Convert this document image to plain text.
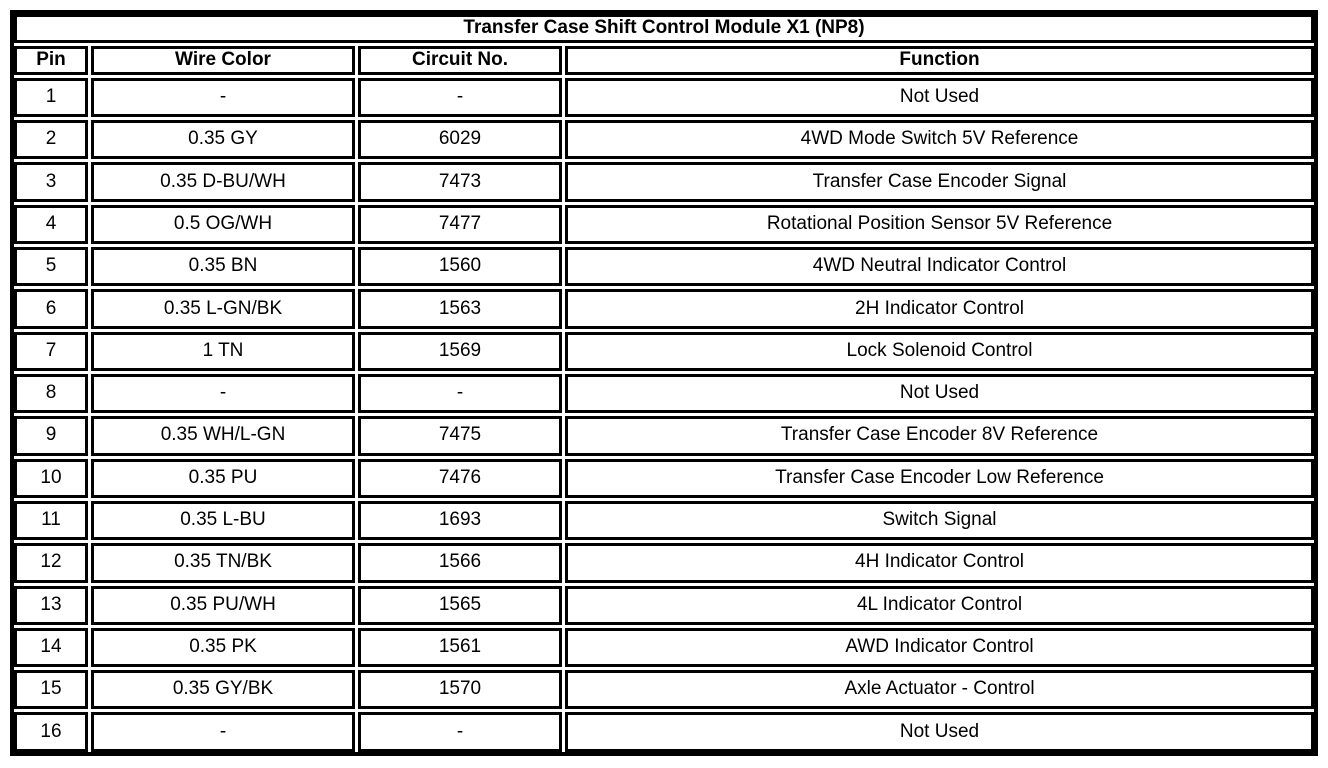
Transfer Case Shift Control Module X1 (NP8)			
Pin	Wire Color	Circuit No.	Function
1	-	-	Not Used
2	0.35 GY	6029	4WD Mode Switch 5V Reference
3	0.35 D-BU/WH	7473	Transfer Case Encoder Signal
4	0.5 OG/WH	7477	Rotational Position Sensor 5V Reference
5	0.35 BN	1560	4WD Neutral Indicator Control
6	0.35 L-GN/BK	1563	2H Indicator Control
7	1 TN	1569	Lock Solenoid Control
8	-	-	Not Used
9	0.35 WH/L-GN	7475	Transfer Case Encoder 8V Reference
10	0.35 PU	7476	Transfer Case Encoder Low Reference
11	0.35 L-BU	1693	Switch Signal
12	0.35 TN/BK	1566	4H Indicator Control
13	0.35 PU/WH	1565	4L Indicator Control
14	0.35 PK	1561	AWD Indicator Control
15	0.35 GY/BK	1570	Axle Actuator - Control
16	-	-	Not Used
